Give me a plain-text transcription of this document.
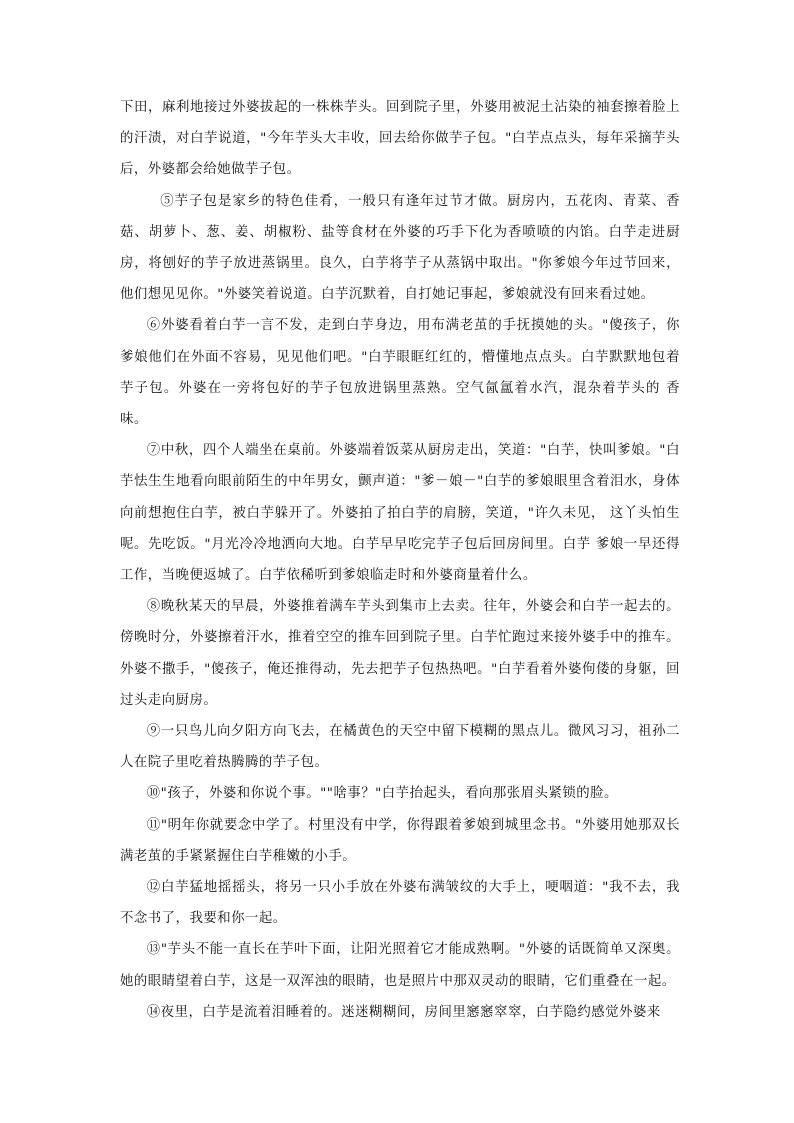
下田，麻利地接过外婆拔起的一株株芋头。回到院子里，外婆用被泥土沾染的袖套擦着脸上的汗渍，对白芋说道，"今年芋头大丰收，回去给你做芋子包。"白芋点点头，每年采摘芋头后，外婆都会给她做芋子包。

⑤芋子包是家乡的特色佳肴，一般只有逢年过节才做。厨房内，五花肉、青菜、香菇、胡萝卜、葱、姜、胡椒粉、盐等食材在外婆的巧手下化为香喷喷的内馅。白芋走进厨房，将刨好的芋子放进蒸锅里。良久，白芋将芋子从蒸锅中取出。"你爹娘今年过节回来，他们想见见你。"外婆笑着说道。白芋沉默着，自打她记事起，爹娘就没有回来看过她。

⑥外婆看着白芋一言不发，走到白芋身边，用布满老茧的手抚摸她的头。"傻孩子，你爹娘他们在外面不容易，见见他们吧。"白芋眼眶红红的，懵懂地点点头。白芋默默地包着芋子包。外婆在一旁将包好的芋子包放进锅里蒸熟。空气氤氲着水汽，混杂着芋头的 香味。

⑦中秋，四个人端坐在桌前。外婆端着饭菜从厨房走出，笑道："白芋，快叫爹娘。"白芋怯生生地看向眼前陌生的中年男女，颤声道："爹－娘－"白芋的爹娘眼里含着泪水，身体向前想抱住白芋，被白芋躲开了。外婆拍了拍白芋的肩膀，笑道，"许久未见， 这丫头怕生呢。先吃饭。"月光冷冷地洒向大地。白芋早早吃完芋子包后回房间里。白芋 爹娘一早还得工作，当晚便返城了。白芋依稀听到爹娘临走时和外婆商量着什么。

⑧晚秋某天的早晨，外婆推着满车芋头到集市上去卖。往年，外婆会和白芋一起去的。傍晚时分，外婆擦着汗水，推着空空的推车回到院子里。白芋忙跑过来接外婆手中的推车。外婆不撒手，"傻孩子，俺还推得动，先去把芋子包热热吧。"白芋看着外婆佝偻的身躯，回过头走向厨房。

⑨一只鸟儿向夕阳方向飞去，在橘黄色的天空中留下模糊的黑点儿。微风习习，祖孙二人在院子里吃着热腾腾的芋子包。

⑩"孩子，外婆和你说个事。""啥事？"白芋抬起头，看向那张眉头紧锁的脸。

⑪"明年你就要念中学了。村里没有中学，你得跟着爹娘到城里念书。"外婆用她那双长满老茧的手紧紧握住白芋稚嫩的小手。

⑫白芋猛地摇摇头，将另一只小手放在外婆布满皱纹的大手上，哽咽道："我不去，我不念书了，我要和你一起。

⑬"芋头不能一直长在芋叶下面，让阳光照着它才能成熟啊。"外婆的话既简单又深奥。她的眼睛望着白芋，这是一双浑浊的眼睛，也是照片中那双灵动的眼睛，它们重叠在一起。

⑭夜里，白芋是流着泪睡着的。迷迷糊糊间，房间里窸窸窣窣，白芋隐约感觉外婆来
